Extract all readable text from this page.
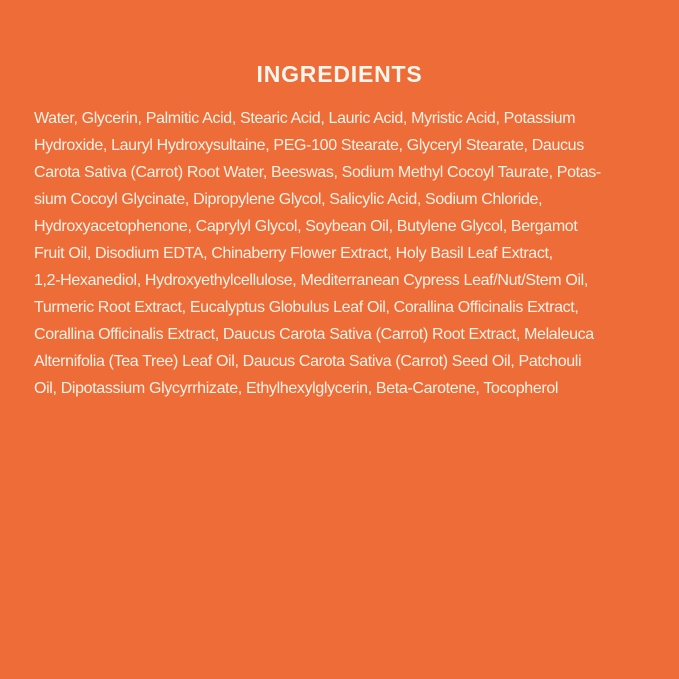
INGREDIENTS
Water, Glycerin, Palmitic Acid, Stearic Acid, Lauric Acid, Myristic Acid, Potassium
Hydroxide, Lauryl Hydroxysultaine, PEG-100 Stearate, Glyceryl Stearate, Daucus
Carota Sativa (Carrot) Root Water, Beeswas, Sodium Methyl Cocoyl Taurate, Potas-
sium Cocoyl Glycinate, Dipropylene Glycol, Salicylic Acid, Sodium Chloride,
Hydroxyacetophenone, Caprylyl Glycol, Soybean Oil, Butylene Glycol, Bergamot
Fruit Oil, Disodium EDTA, Chinaberry Flower Extract, Holy Basil Leaf Extract,
1,2-Hexanediol, Hydroxyethylcellulose, Mediterranean Cypress Leaf/Nut/Stem Oil,
Turmeric Root Extract, Eucalyptus Globulus Leaf Oil, Corallina Officinalis Extract,
Corallina Officinalis Extract, Daucus Carota Sativa (Carrot) Root Extract, Melaleuca
Alternifolia (Tea Tree) Leaf Oil, Daucus Carota Sativa (Carrot) Seed Oil, Patchouli
Oil, Dipotassium Glycyrrhizate, Ethylhexylglycerin, Beta-Carotene, Tocopherol
